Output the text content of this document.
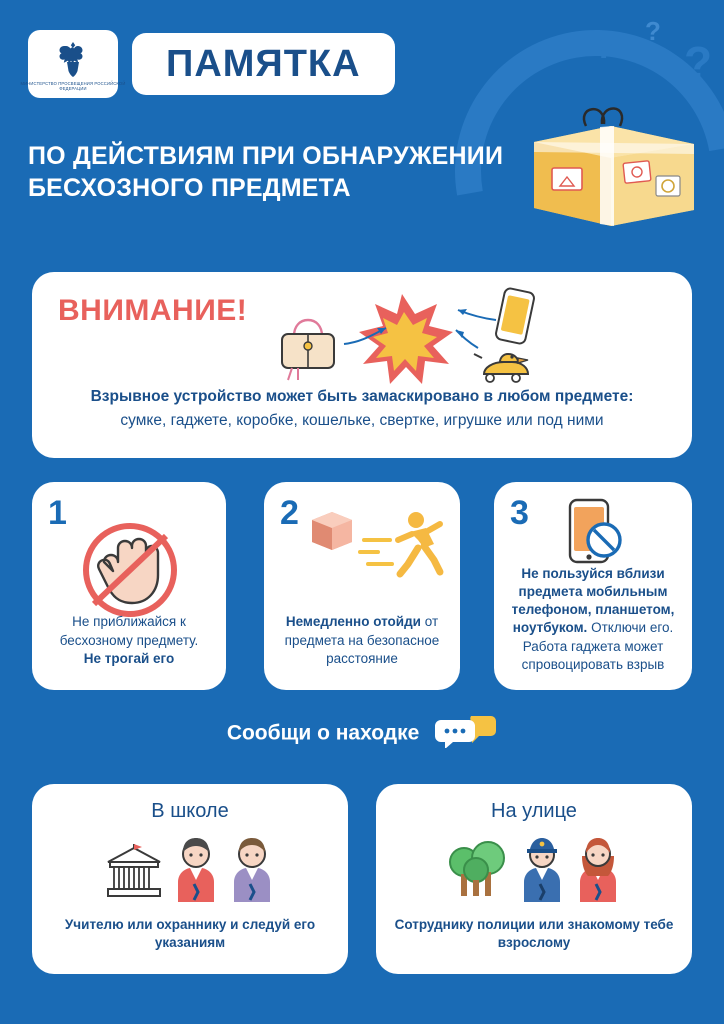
? ?
?
МИНИСТЕРСТВО ПРОСВЕЩЕНИЯ РОССИЙСКОЙ ФЕДЕРАЦИИ
ПАМЯТКА
ПО ДЕЙСТВИЯМ ПРИ ОБНАРУЖЕНИИ БЕСХОЗНОГО ПРЕДМЕТА
ВНИМАНИЕ!
Взрывное устройство может быть замаскировано в любом предмете:
сумке, гаджете, коробке, кошельке, свертке, игрушке или под ними
1
Не приближайся к бесхозному предмету.
Не трогай его
2
Немедленно отойди от предмета на безопасное расстояние
3
Не пользуйся вблизи предмета мобильным телефоном, планшетом, ноутбуком. Отключи его. Работа гаджета может спровоцировать взрыв
Сообщи о находке
В школе
Учителю или охраннику и следуй его указаниям
На улице
Сотруднику полиции или знакомому тебе взрослому
